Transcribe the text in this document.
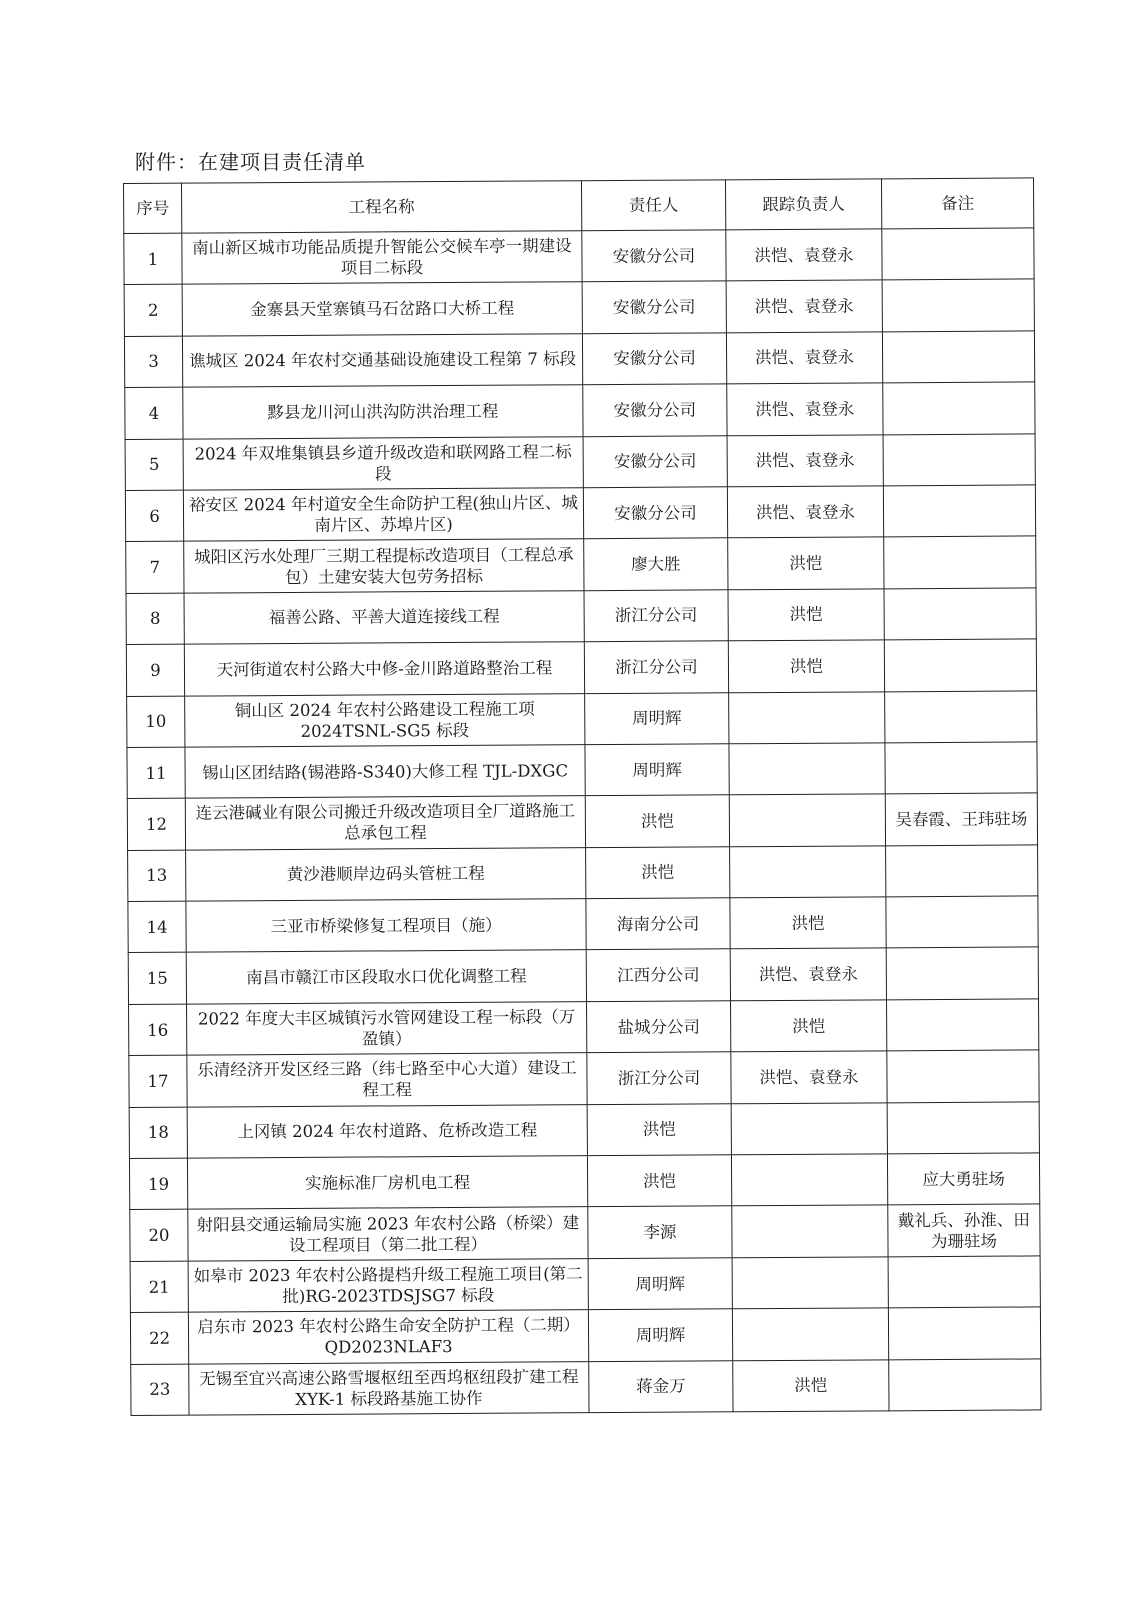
附件：在建项目责任清单
序号	工程名称	责任人	跟踪负责人	备注
1	南山新区城市功能品质提升智能公交候车亭一期建设项目二标段	安徽分公司	洪恺、袁登永	
2	金寨县天堂寨镇马石岔路口大桥工程	安徽分公司	洪恺、袁登永	
3	谯城区 2024 年农村交通基础设施建设工程第 7 标段	安徽分公司	洪恺、袁登永	
4	黟县龙川河山洪沟防洪治理工程	安徽分公司	洪恺、袁登永	
5	2024 年双堆集镇县乡道升级改造和联网路工程二标段	安徽分公司	洪恺、袁登永	
6	裕安区 2024 年村道安全生命防护工程(独山片区、城南片区、苏埠片区)	安徽分公司	洪恺、袁登永	
7	城阳区污水处理厂三期工程提标改造项目（工程总承包）土建安装大包劳务招标	廖大胜	洪恺	
8	福善公路、平善大道连接线工程	浙江分公司	洪恺	
9	天河街道农村公路大中修-金川路道路整治工程	浙江分公司	洪恺	
10	铜山区 2024 年农村公路建设工程施工项 2024TSNL-SG5 标段	周明辉		
11	锡山区团结路(锡港路-S340)大修工程 TJL-DXGC	周明辉		
12	连云港碱业有限公司搬迁升级改造项目全厂道路施工总承包工程	洪恺		吴春霞、王玮驻场
13	黄沙港顺岸边码头管桩工程	洪恺		
14	三亚市桥梁修复工程项目（施）	海南分公司	洪恺	
15	南昌市赣江市区段取水口优化调整工程	江西分公司	洪恺、袁登永	
16	2022 年度大丰区城镇污水管网建设工程一标段（万盈镇）	盐城分公司	洪恺	
17	乐清经济开发区经三路（纬七路至中心大道）建设工程工程	浙江分公司	洪恺、袁登永	
18	上冈镇 2024 年农村道路、危桥改造工程	洪恺		
19	实施标准厂房机电工程	洪恺		应大勇驻场
20	射阳县交通运输局实施 2023 年农村公路（桥梁）建设工程项目（第二批工程）	李源		戴礼兵、孙淮、田为珊驻场
21	如皋市 2023 年农村公路提档升级工程施工项目(第二批)RG-2023TDSJSG7 标段	周明辉		
22	启东市 2023 年农村公路生命安全防护工程（二期）QD2023NLAF3	周明辉		
23	无锡至宜兴高速公路雪堰枢纽至西坞枢纽段扩建工程 XYK-1 标段路基施工协作	蒋金万	洪恺	
